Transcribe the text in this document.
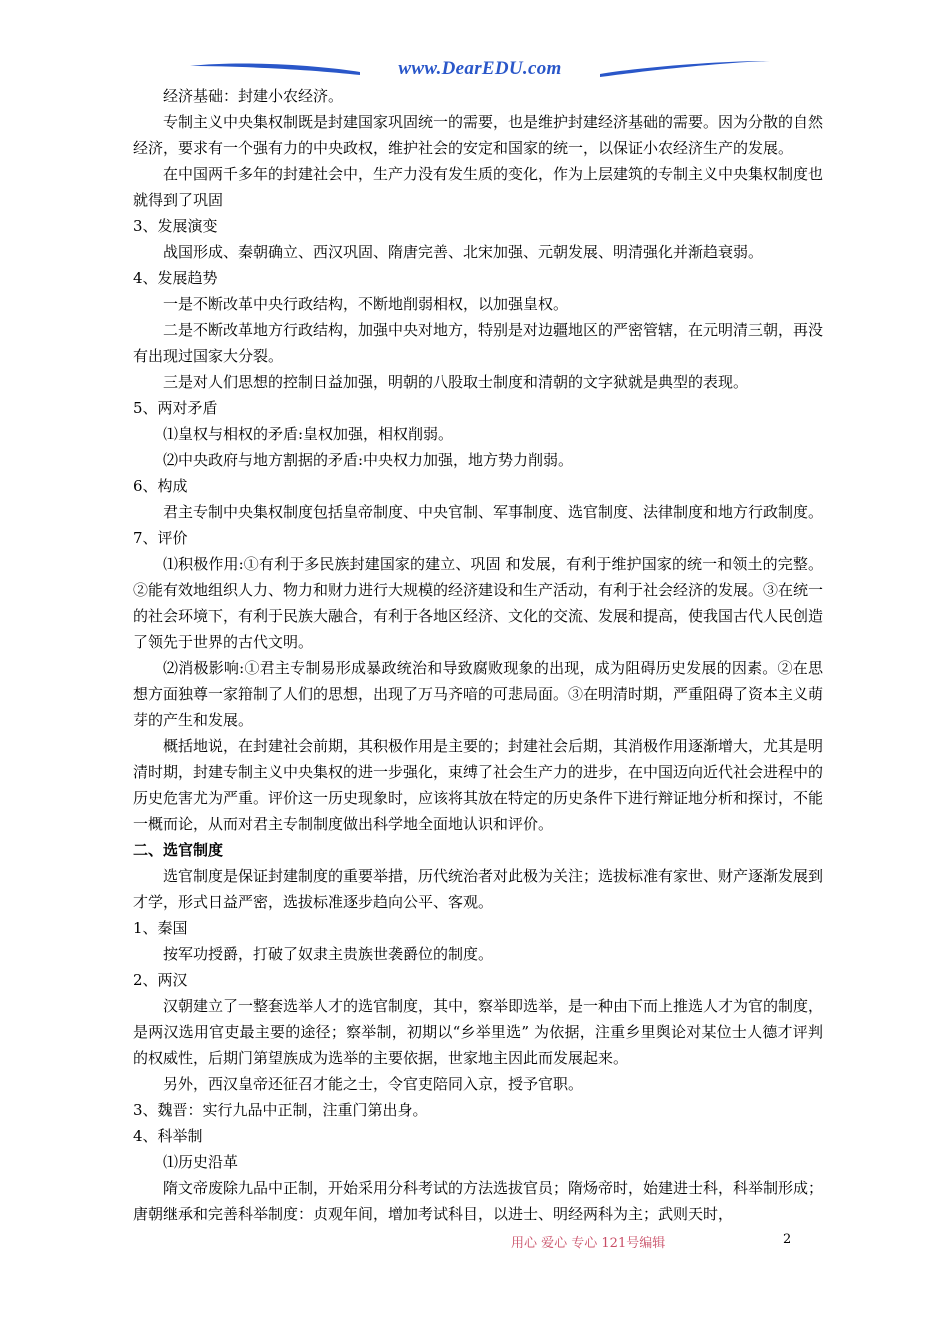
www.DearEDU.com

经济基础：封建小农经济。

专制主义中央集权制既是封建国家巩固统一的需要，也是维护封建经济基础的需要。因为分散的自然经济，要求有一个强有力的中央政权，维护社会的安定和国家的统一，以保证小农经济生产的发展。

在中国两千多年的封建社会中，生产力没有发生质的变化，作为上层建筑的专制主义中央集权制度也就得到了巩固

3、发展演变

战国形成、秦朝确立、西汉巩固、隋唐完善、北宋加强、元朝发展、明清强化并渐趋衰弱。

4、发展趋势

一是不断改革中央行政结构，不断地削弱相权，以加强皇权。

二是不断改革地方行政结构，加强中央对地方，特别是对边疆地区的严密管辖，在元明清三朝，再没有出现过国家大分裂。

三是对人们思想的控制日益加强，明朝的八股取士制度和清朝的文字狱就是典型的表现。

5、两对矛盾

⑴皇权与相权的矛盾:皇权加强，相权削弱。

⑵中央政府与地方割据的矛盾:中央权力加强，地方势力削弱。

6、构成

君主专制中央集权制度包括皇帝制度、中央官制、军事制度、选官制度、法律制度和地方行政制度。

7、评价

⑴积极作用:①有利于多民族封建国家的建立、巩固 和发展，有利于维护国家的统一和领土的完整。②能有效地组织人力、物力和财力进行大规模的经济建设和生产活动，有利于社会经济的发展。③在统一的社会环境下，有利于民族大融合，有利于各地区经济、文化的交流、发展和提高，使我国古代人民创造了领先于世界的古代文明。

⑵消极影响:①君主专制易形成暴政统治和导致腐败现象的出现，成为阻碍历史发展的因素。②在思想方面独尊一家箝制了人们的思想，出现了万马齐喑的可悲局面。③在明清时期，严重阻碍了资本主义萌芽的产生和发展。

概括地说，在封建社会前期，其积极作用是主要的；封建社会后期，其消极作用逐渐增大，尤其是明清时期，封建专制主义中央集权的进一步强化，束缚了社会生产力的进步，在中国迈向近代社会进程中的历史危害尤为严重。评价这一历史现象时，应该将其放在特定的历史条件下进行辩证地分析和探讨，不能一概而论，从而对君主专制制度做出科学地全面地认识和评价。

二、选官制度

选官制度是保证封建制度的重要举措，历代统治者对此极为关注；选拔标准有家世、财产逐渐发展到才学，形式日益严密，选拔标准逐步趋向公平、客观。

1、秦国

按军功授爵，打破了奴隶主贵族世袭爵位的制度。

2、两汉

汉朝建立了一整套选举人才的选官制度，其中，察举即选举，是一种由下而上推选人才为官的制度，是两汉选用官吏最主要的途径；察举制，初期以“乡举里选” 为依据，注重乡里舆论对某位士人德才评判的权威性，后期门第望族成为选举的主要依据，世家地主因此而发展起来。

另外，西汉皇帝还征召才能之士，令官吏陪同入京，授予官职。

3、魏晋：实行九品中正制，注重门第出身。

4、科举制

⑴历史沿革

隋文帝废除九品中正制，开始采用分科考试的方法选拔官员；隋炀帝时，始建进士科，科举制形成；唐朝继承和完善科举制度：贞观年间，增加考试科目，以进士、明经两科为主；武则天时，

用心 爱心 专心 121号编辑	2
